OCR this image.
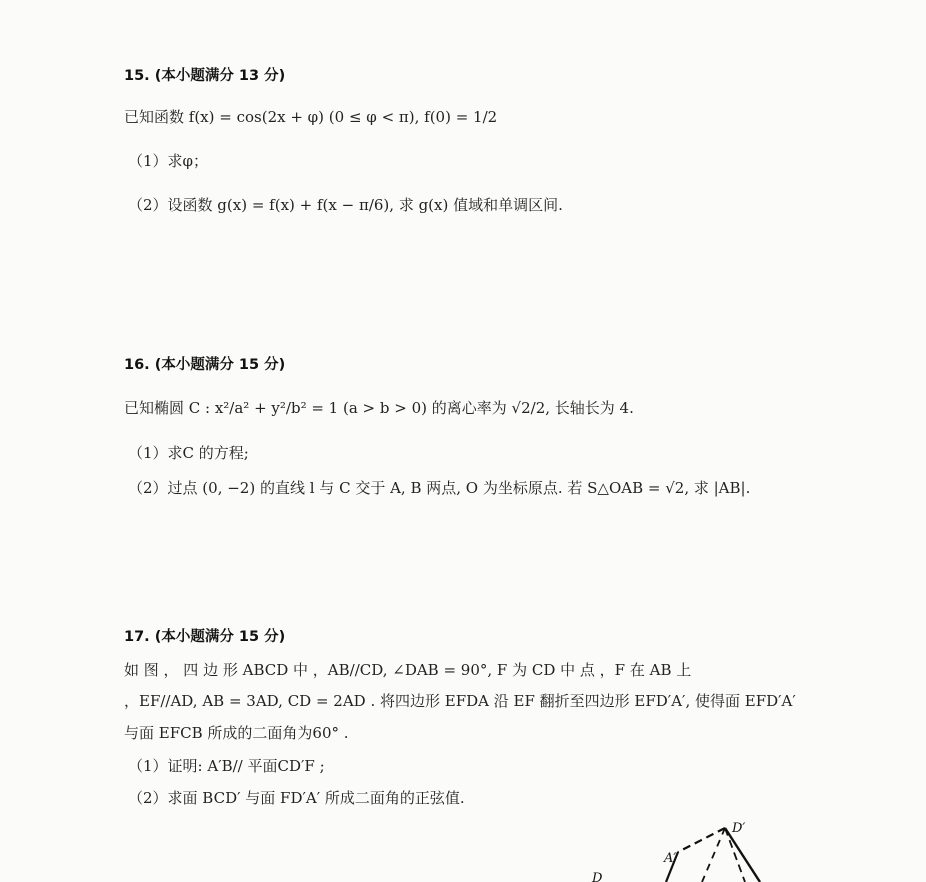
15. (本小题满分 13 分)
已知函数 f(x) = cos(2x + φ) (0 ≤ φ < π), f(0) = 1/2
（1）求φ；
（2）设函数 g(x) = f(x) + f(x − π/6), 求 g(x) 值域和单调区间.
16. (本小题满分 15 分)
已知椭圆 C : x²/a² + y²/b² = 1 (a > b > 0) 的离心率为 √2/2, 长轴长为 4.
（1）求C 的方程;
（2）过点 (0, −2) 的直线 l 与 C 交于 A, B 两点, O 为坐标原点. 若 S△OAB = √2, 求 |AB|.
17. (本小题满分 15 分)
如 图 ， 四 边 形 ABCD 中 ，AB//CD, ∠DAB = 90°, F 为 CD 中 点 ，F 在 AB 上
，EF//AD, AB = 3AD, CD = 2AD . 将四边形 EFDA 沿 EF 翻折至四边形 EFD′A′, 使得面 EFD′A′
与面 EFCB 所成的二面角为60° .
（1）证明: A′B// 平面CD′F ;
（2）求面 BCD′ 与面 FD′A′ 所成二面角的正弦值.
D′
A′
D
